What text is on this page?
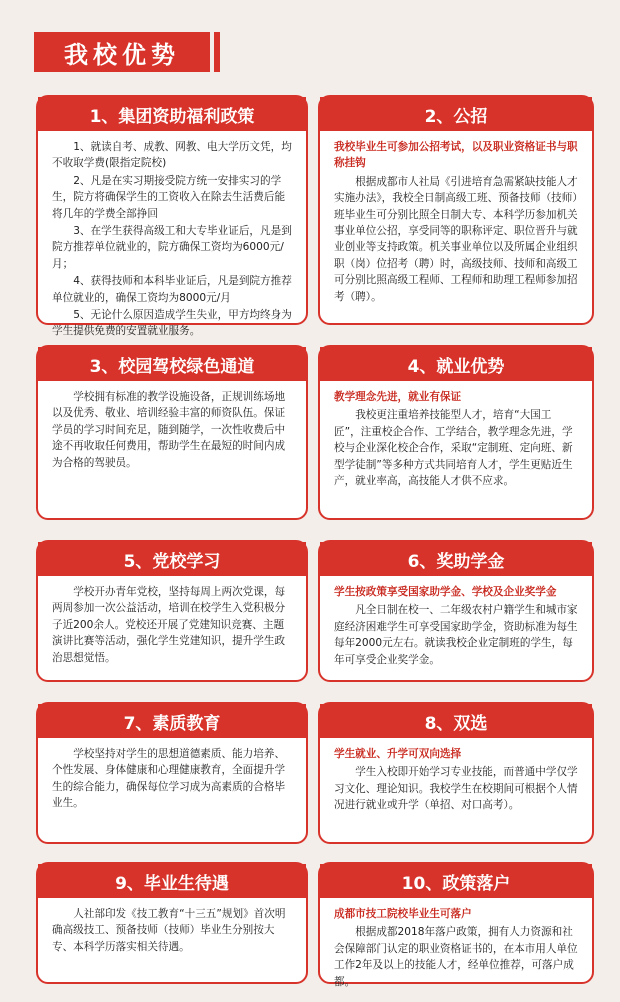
我校优势
1、集团资助福利政策

1、就读自考、成教、网教、电大学历文凭，均不收取学费(限指定院校)

2、凡是在实习期接受院方统一安排实习的学生，院方将确保学生的工资收入在除去生活费后能将几年的学费全部挣回

3、在学生获得高级工和大专毕业证后，凡是到院方推荐单位就业的，院方确保工资均为6000元/月；

4、获得技师和本科毕业证后，凡是到院方推荐单位就业的，确保工资均为8000元/月

5、无论什么原因造成学生失业，甲方均终身为学生提供免费的安置就业服务。

2、公招
我校毕业生可参加公招考试，以及职业资格证书与职称挂钩

根据成都市人社局《引进培育急需紧缺技能人才实施办法》，我校全日制高级工班、预备技师（技师）班毕业生可分别比照全日制大专、本科学历参加机关事业单位公招，享受同等的职称评定、职位晋升与就业创业等支持政策。机关事业单位以及所属企业组织职（岗）位招考（聘）时，高级技师、技师和高级工可分别比照高级工程师、工程师和助理工程师参加招考（聘）。

3、校园驾校绿色通道

学校拥有标准的教学设施设备，正规训练场地以及优秀、敬业、培训经验丰富的师资队伍。保证学员的学习时间充足，随到随学，一次性收费后中途不再收取任何费用，帮助学生在最短的时间内成为合格的驾驶员。

4、就业优势
教学理念先进，就业有保证

我校更注重培养技能型人才，培育“大国工匠”，注重校企合作、工学结合，教学理念先进，学校与企业深化校企合作，采取“定制班、定向班、新型学徒制”等多种方式共同培育人才，学生更贴近生产，就业率高，高技能人才供不应求。

5、党校学习

学校开办青年党校，坚持每周上两次党课，每两周参加一次公益活动，培训在校学生入党积极分子近200余人。党校还开展了党建知识竞赛、主题演讲比赛等活动，强化学生党建知识，提升学生政治思想觉悟。

6、奖助学金
学生按政策享受国家助学金、学校及企业奖学金

凡全日制在校一、二年级农村户籍学生和城市家庭经济困难学生可享受国家助学金，资助标准为每生每年2000元左右。就读我校企业定制班的学生，每年可享受企业奖学金。

7、素质教育

学校坚持对学生的思想道德素质、能力培养、个性发展、身体健康和心理健康教育，全面提升学生的综合能力，确保每位学习成为高素质的合格毕业生。

8、双选
学生就业、升学可双向选择

学生入校即开始学习专业技能，而普通中学仅学习文化、理论知识。我校学生在校期间可根据个人情况进行就业或升学（单招、对口高考）。

9、毕业生待遇

人社部印发《技工教育“十三五”规划》首次明确高级技工、预备技师（技师）毕业生分别按大专、本科学历落实相关待遇。

10、政策落户
成都市技工院校毕业生可落户

根据成都2018年落户政策，拥有人力资源和社会保障部门认定的职业资格证书的，在本市用人单位工作2年及以上的技能人才，经单位推荐，可落户成都。
